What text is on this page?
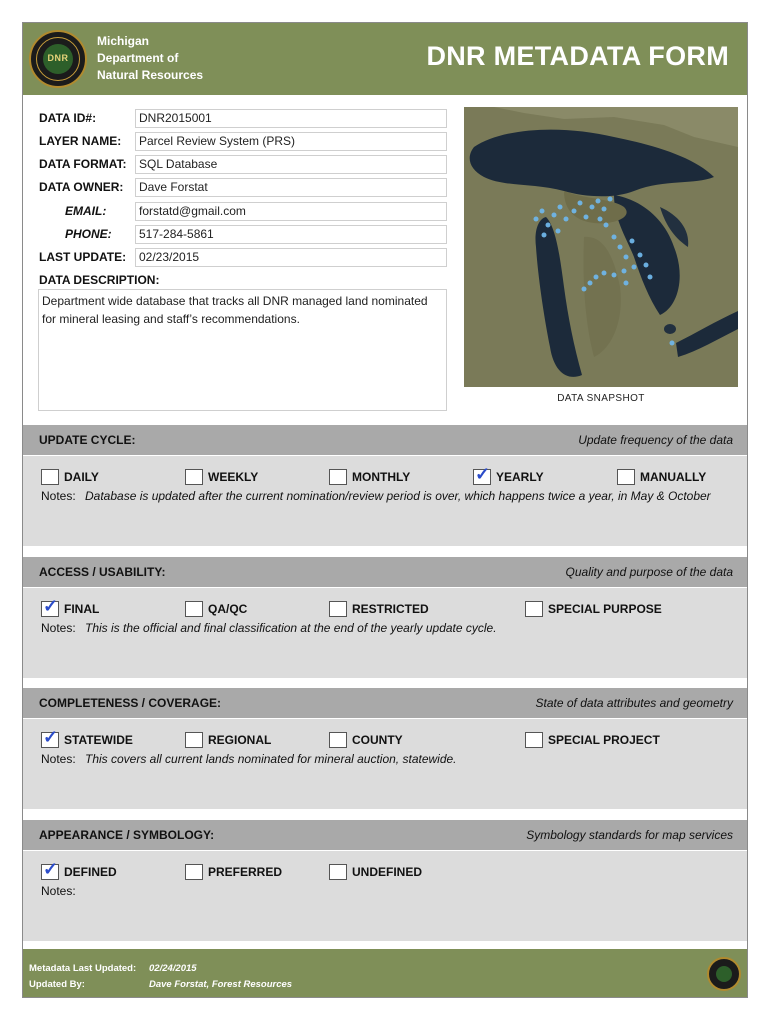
DNR
Michigan
Department of
Natural Resources
DNR METADATA FORM
DATA ID#:	DNR2015001
LAYER NAME:	Parcel Review System (PRS)
DATA FORMAT:	SQL Database
DATA OWNER:	Dave Forstat
EMAIL:	forstatd@gmail.com
PHONE:	517-284-5861
LAST UPDATE:	02/23/2015
DATA DESCRIPTION:
Department wide database that tracks all DNR managed land nominated for mineral leasing and staff’s recommendations.
DATA SNAPSHOT
UPDATE CYCLE:	Update frequency of the data
DAILY	WEEKLY	MONTHLY	✓ YEARLY	MANUALLY
Notes: Database is updated after the current nomination/review period is over, which happens twice a year, in May & October
ACCESS / USABILITY:	Quality and purpose of the data
✓ FINAL	QA/QC	RESTRICTED	SPECIAL PURPOSE
Notes: This is the official and final classification at the end of the yearly update cycle.
COMPLETENESS / COVERAGE:	State of data attributes and geometry
✓ STATEWIDE	REGIONAL	COUNTY	SPECIAL PROJECT
Notes: This covers all current lands nominated for mineral auction, statewide.
APPEARANCE / SYMBOLOGY:	Symbology standards for map services
✓ DEFINED	PREFERRED	UNDEFINED
Notes:
Metadata Last Updated: 02/24/2015
Updated By:	Dave Forstat, Forest Resources
